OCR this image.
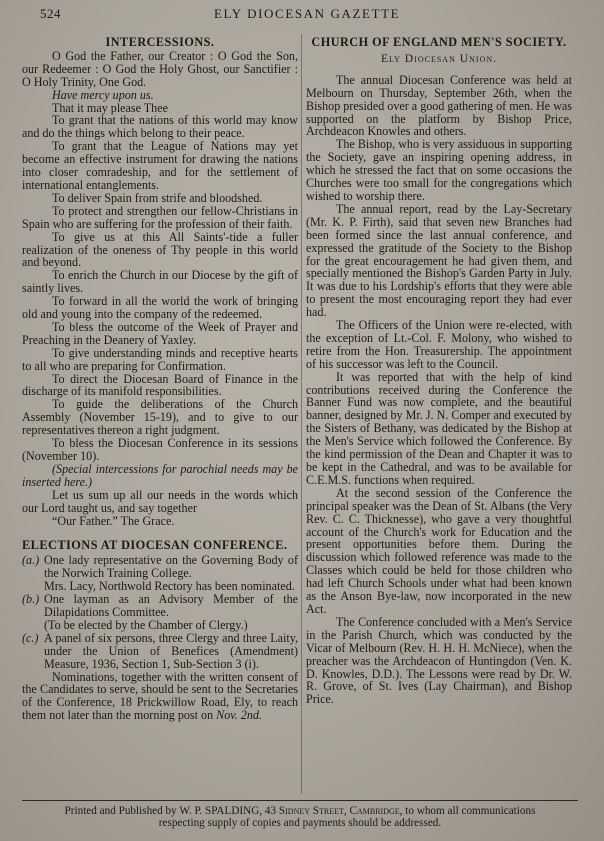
524	ELY DIOCESAN GAZETTE
INTERCESSIONS.

O God the Father, our Creator : O God the Son, our Redeemer : O God the Holy Ghost, our Sanctifier : O Holy Trinity, One God.

Have mercy upon us.

That it may please Thee

To grant that the nations of this world may know and do the things which belong to their peace.

To grant that the League of Nations may yet become an effective instrument for drawing the nations into closer comradeship, and for the settlement of international entanglements.

To deliver Spain from strife and bloodshed.

To protect and strengthen our fellow-Christians in Spain who are suffering for the profession of their faith.

To give us at this All Saints'-tide a fuller realization of the oneness of Thy people in this world and beyond.

To enrich the Church in our Diocese by the gift of saintly lives.

To forward in all the world the work of bringing old and young into the company of the redeemed.

To bless the outcome of the Week of Prayer and Preaching in the Deanery of Yaxley.

To give understanding minds and receptive hearts to all who are preparing for Confirmation.

To direct the Diocesan Board of Finance in the discharge of its manifold responsibilities.

To guide the deliberations of the Church Assembly (November 15-19), and to give to our representatives thereon a right judgment.

To bless the Diocesan Conference in its sessions (November 10).

(Special intercessions for parochial needs may be inserted here.)

Let us sum up all our needs in the words which our Lord taught us, and say together

“Our Father.” The Grace.

ELECTIONS AT DIOCESAN CONFERENCE.
(a.) One lady representative on the Governing Body of the Norwich Training College.

Mrs. Lacy, Northwold Rectory has been nominated.

(b.) One layman as an Advisory Member of the Dilapidations Committee.

(To be elected by the Chamber of Clergy.)

(c.) A panel of six persons, three Clergy and three Laity, under the Union of Benefices (Amendment) Measure, 1936, Section 1, Sub-Section 3 (i).

Nominations, together with the written consent of the Candidates to serve, should be sent to the Secretaries of the Conference, 18 Prickwillow Road, Ely, to reach them not later than the morning post on Nov. 2nd.

CHURCH OF ENGLAND MEN'S SOCIETY.
Ely Diocesan Union.

The annual Diocesan Conference was held at Melbourn on Thursday, September 26th, when the Bishop presided over a good gathering of men. He was supported on the platform by Bishop Price, Archdeacon Knowles and others.

The Bishop, who is very assiduous in supporting the Society, gave an inspiring opening address, in which he stressed the fact that on some occasions the Churches were too small for the congregations which wished to worship there.

The annual report, read by the Lay-Secretary (Mr. K. P. Firth), said that seven new Branches had been formed since the last annual conference, and expressed the gratitude of the Society to the Bishop for the great encouragement he had given them, and specially mentioned the Bishop's Garden Party in July. It was due to his Lordship's efforts that they were able to present the most encouraging report they had ever had.

The Officers of the Union were re-elected, with the exception of Lt.-Col. F. Molony, who wished to retire from the Hon. Treasurership. The appointment of his successor was left to the Council.

It was reported that with the help of kind contributions received during the Conference the Banner Fund was now complete, and the beautiful banner, designed by Mr. J. N. Comper and executed by the Sisters of Bethany, was dedicated by the Bishop at the Men's Service which followed the Conference. By the kind permission of the Dean and Chapter it was to be kept in the Cathedral, and was to be available for C.E.M.S. functions when required.

At the second session of the Conference the principal speaker was the Dean of St. Albans (the Very Rev. C. C. Thicknesse), who gave a very thoughtful account of the Church's work for Education and the present opportunities before them. During the discussion which followed reference was made to the Classes which could be held for those children who had left Church Schools under what had been known as the Anson Bye-law, now incorporated in the new Act.

The Conference concluded with a Men's Service in the Parish Church, which was conducted by the Vicar of Melbourn (Rev. H. H. H. McNiece), when the preacher was the Archdeacon of Huntingdon (Ven. K. D. Knowles, D.D.). The Lessons were read by Dr. W. R. Grove, of St. Ives (Lay Chairman), and Bishop Price.

Printed and Published by W. P. SPALDING, 43 Sidney Street, Cambridge, to whom all communications
respecting supply of copies and payments should be addressed.
